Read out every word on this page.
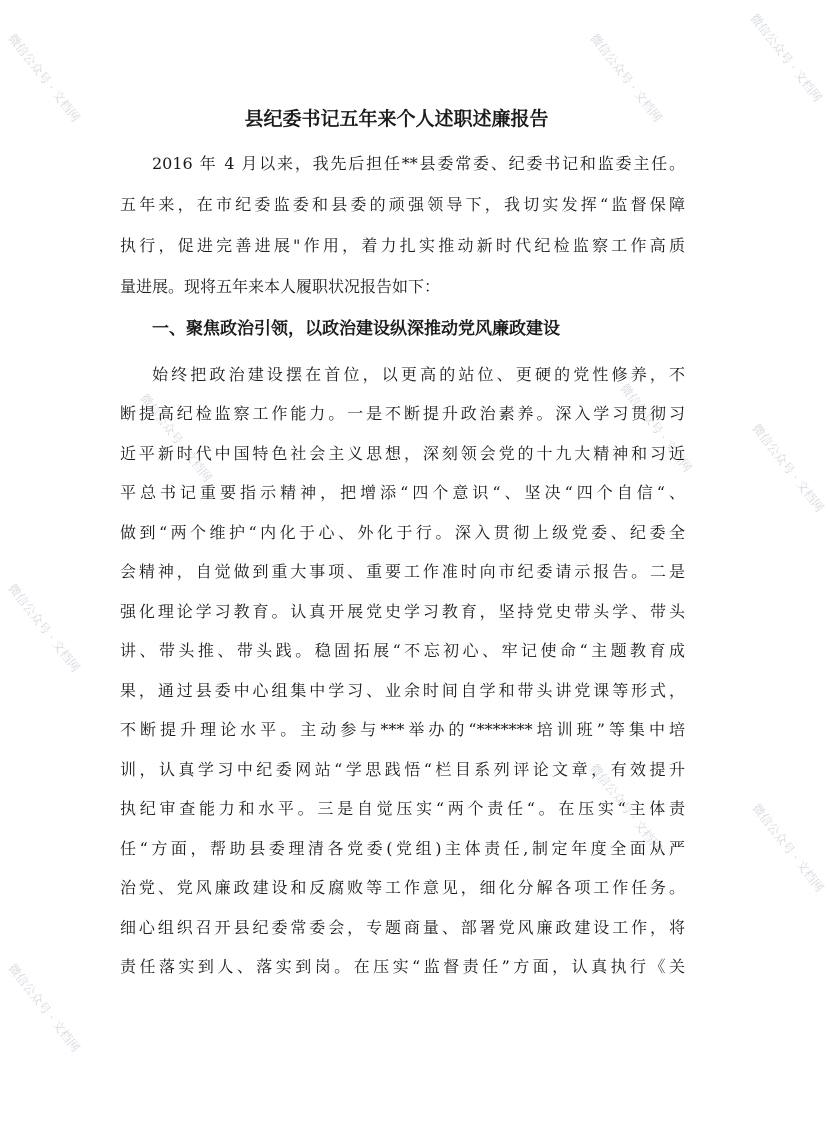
微信公众号 · 文档网	微信公众号 · 文档网	微信公众号 · 文档网
微信公众号 · 文档网	微信公众号 · 文档网
微信公众号 · 文档网
微信公众号 · 文档网
微信公众号 · 文档网
微信公众号 · 文档网
微信公众号 · 文档网
县纪委书记五年来个人述职述廉报告
2016 年 4 月以来，我先后担任**县委常委、纪委书记和监委主任。
五年来，在市纪委监委和县委的顽强领导下，我切实发挥“监督保障
执行，促进完善进展"作用，着力扎实推动新时代纪检监察工作高质
量进展。现将五年来本人履职状况报告如下：
一、聚焦政治引领，以政治建设纵深推动党风廉政建设
始终把政治建设摆在首位，以更高的站位、更硬的党性修养，不
断提高纪检监察工作能力。一是不断提升政治素养。深入学习贯彻习
近平新时代中国特色社会主义思想，深刻领会党的十九大精神和习近
平总书记重要指示精神，把增添“四个意识“、坚决“四个自信“、
做到“两个维护“内化于心、外化于行。深入贯彻上级党委、纪委全
会精神，自觉做到重大事项、重要工作准时向市纪委请示报告。二是
强化理论学习教育。认真开展党史学习教育，坚持党史带头学、带头
讲、带头推、带头践。稳固拓展“不忘初心、牢记使命“主题教育成
果，通过县委中心组集中学习、业余时间自学和带头讲党课等形式，
不断提升理论水平。主动参与***举办的“*******培训班”等集中培
训，认真学习中纪委网站“学思践悟“栏目系列评论文章，有效提升
执纪审查能力和水平。三是自觉压实“两个责任“。在压实“主体责
任“方面，帮助县委理清各党委(党组)主体责任,制定年度全面从严
治党、党风廉政建设和反腐败等工作意见，细化分解各项工作任务。
细心组织召开县纪委常委会，专题商量、部署党风廉政建设工作，将
责任落实到人、落实到岗。在压实“监督责任”方面，认真执行《关
